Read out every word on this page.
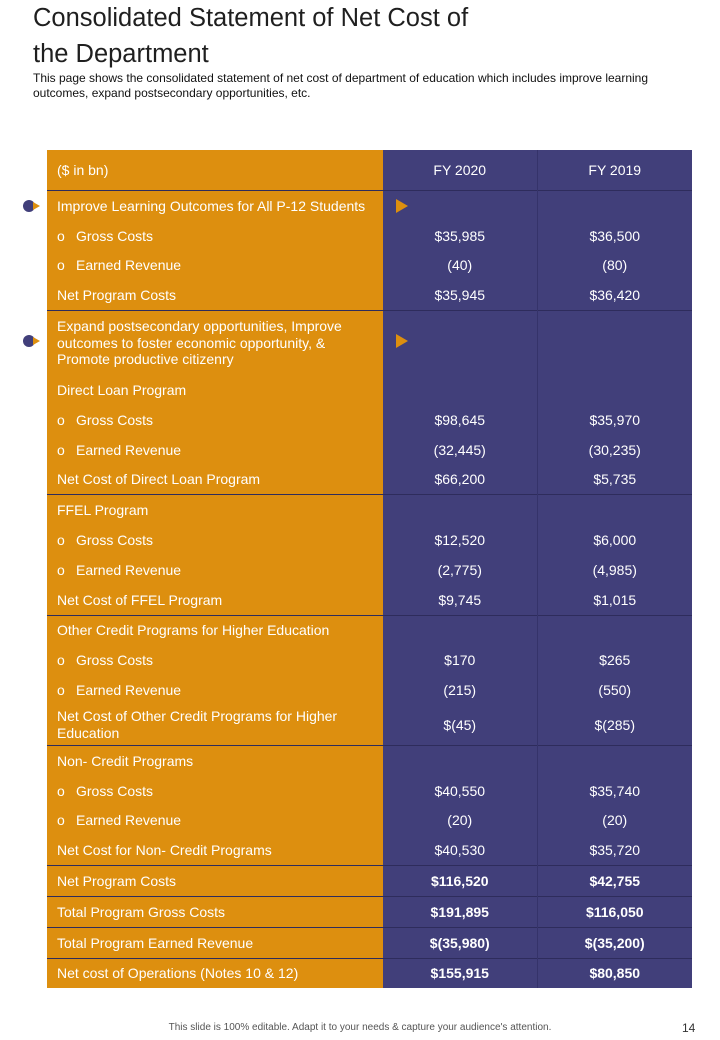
Consolidated Statement of Net Cost of
the Department

This page shows the consolidated statement of net cost of department of education which includes improve learning outcomes, expand postsecondary opportunities, etc.

($ in bn)	FY 2020	FY 2019
Improve Learning Outcomes for All P-12 Students		
o Gross Costs	$35,985	$36,500
o Earned Revenue	(40)	(80)
Net Program Costs	$35,945	$36,420

Expand postsecondary opportunities, Improve outcomes to foster economic opportunity, & Promote productive citizenry		

Direct Loan Program		
o Gross Costs	$98,645	$35,970
o Earned Revenue	(32,445)	(30,235)
Net Cost of Direct Loan Program	$66,200	$5,735
FFEL Program		
o Gross Costs	$12,520	$6,000
o Earned Revenue	(2,775)	(4,985)
Net Cost of FFEL Program	$9,745	$1,015
Other Credit Programs for Higher Education		
o Gross Costs	$170	$265
o Earned Revenue	(215)	(550)

Net Cost of Other Credit Programs for Higher Education	$(45)	$(285)
Non- Credit Programs		
o Gross Costs	$40,550	$35,740
o Earned Revenue	(20)	(20)
Net Cost for Non- Credit Programs	$40,530	$35,720
Net Program Costs	$116,520	$42,755
Total Program Gross Costs	$191,895	$116,050
Total Program Earned Revenue	$(35,980)	$(35,200)
Net cost of Operations (Notes 10 & 12)	$155,915	$80,850
This slide is 100% editable. Adapt it to your needs & capture your audience's attention.	14
